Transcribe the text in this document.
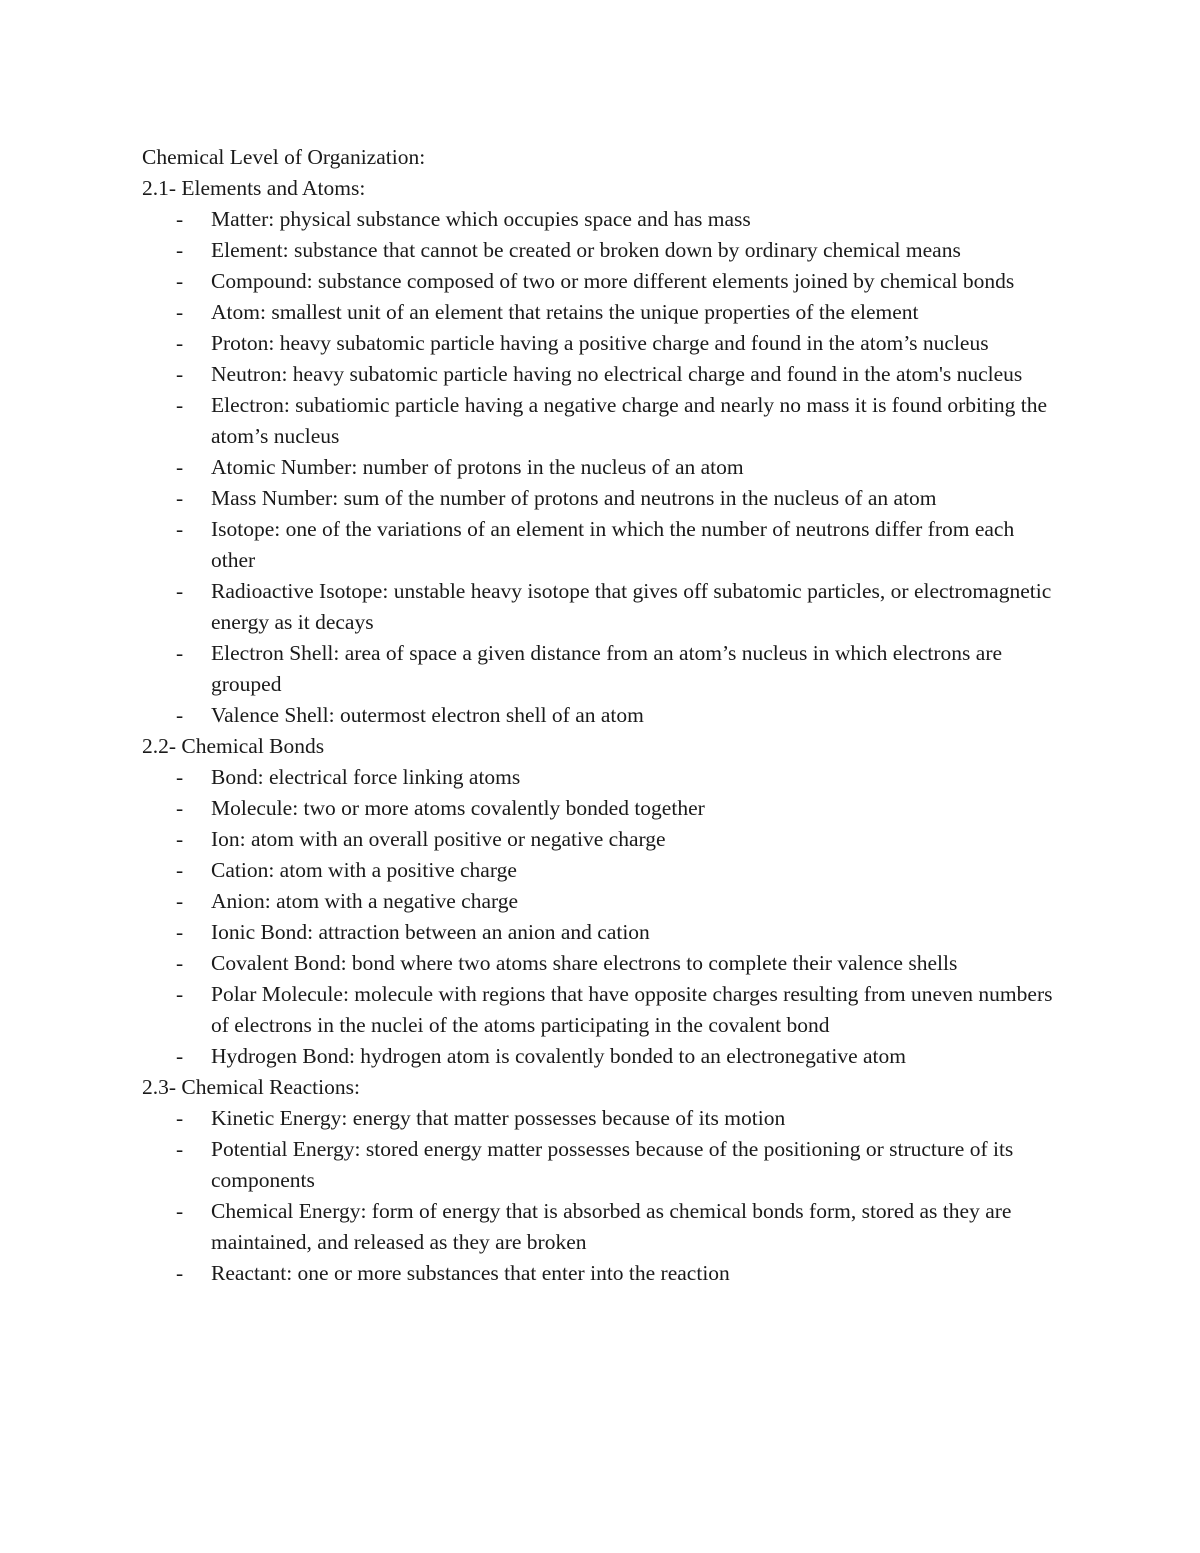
Chemical Level of Organization:

2.1- Elements and Atoms:

- Matter: physical substance which occupies space and has mass
- Element: substance that cannot be created or broken down by ordinary chemical means
- Compound: substance composed of two or more different elements joined by chemical bonds
- Atom: smallest unit of an element that retains the unique properties of the element
- Proton: heavy subatomic particle having a positive charge and found in the atom’s nucleus
- Neutron: heavy subatomic particle having no electrical charge and found in the atom's nucleus
- Electron: subatiomic particle having a negative charge and nearly no mass it is found orbiting the atom’s nucleus
- Atomic Number: number of protons in the nucleus of an atom
- Mass Number: sum of the number of protons and neutrons in the nucleus of an atom
- Isotope: one of the variations of an element in which the number of neutrons differ from each other
- Radioactive Isotope: unstable heavy isotope that gives off subatomic particles, or electromagnetic energy as it decays
- Electron Shell: area of space a given distance from an atom’s nucleus in which electrons are grouped
- Valence Shell: outermost electron shell of an atom

2.2- Chemical Bonds

- Bond: electrical force linking atoms
- Molecule: two or more atoms covalently bonded together
- Ion: atom with an overall positive or negative charge
- Cation: atom with a positive charge
- Anion: atom with a negative charge
- Ionic Bond: attraction between an anion and cation
- Covalent Bond: bond where two atoms share electrons to complete their valence shells
- Polar Molecule: molecule with regions that have opposite charges resulting from uneven numbers of electrons in the nuclei of the atoms participating in the covalent bond
- Hydrogen Bond: hydrogen atom is covalently bonded to an electronegative atom

2.3- Chemical Reactions:

- Kinetic Energy: energy that matter possesses because of its motion
- Potential Energy: stored energy matter possesses because of the positioning or structure of its components
- Chemical Energy: form of energy that is absorbed as chemical bonds form, stored as they are maintained, and released as they are broken
- Reactant: one or more substances that enter into the reaction
